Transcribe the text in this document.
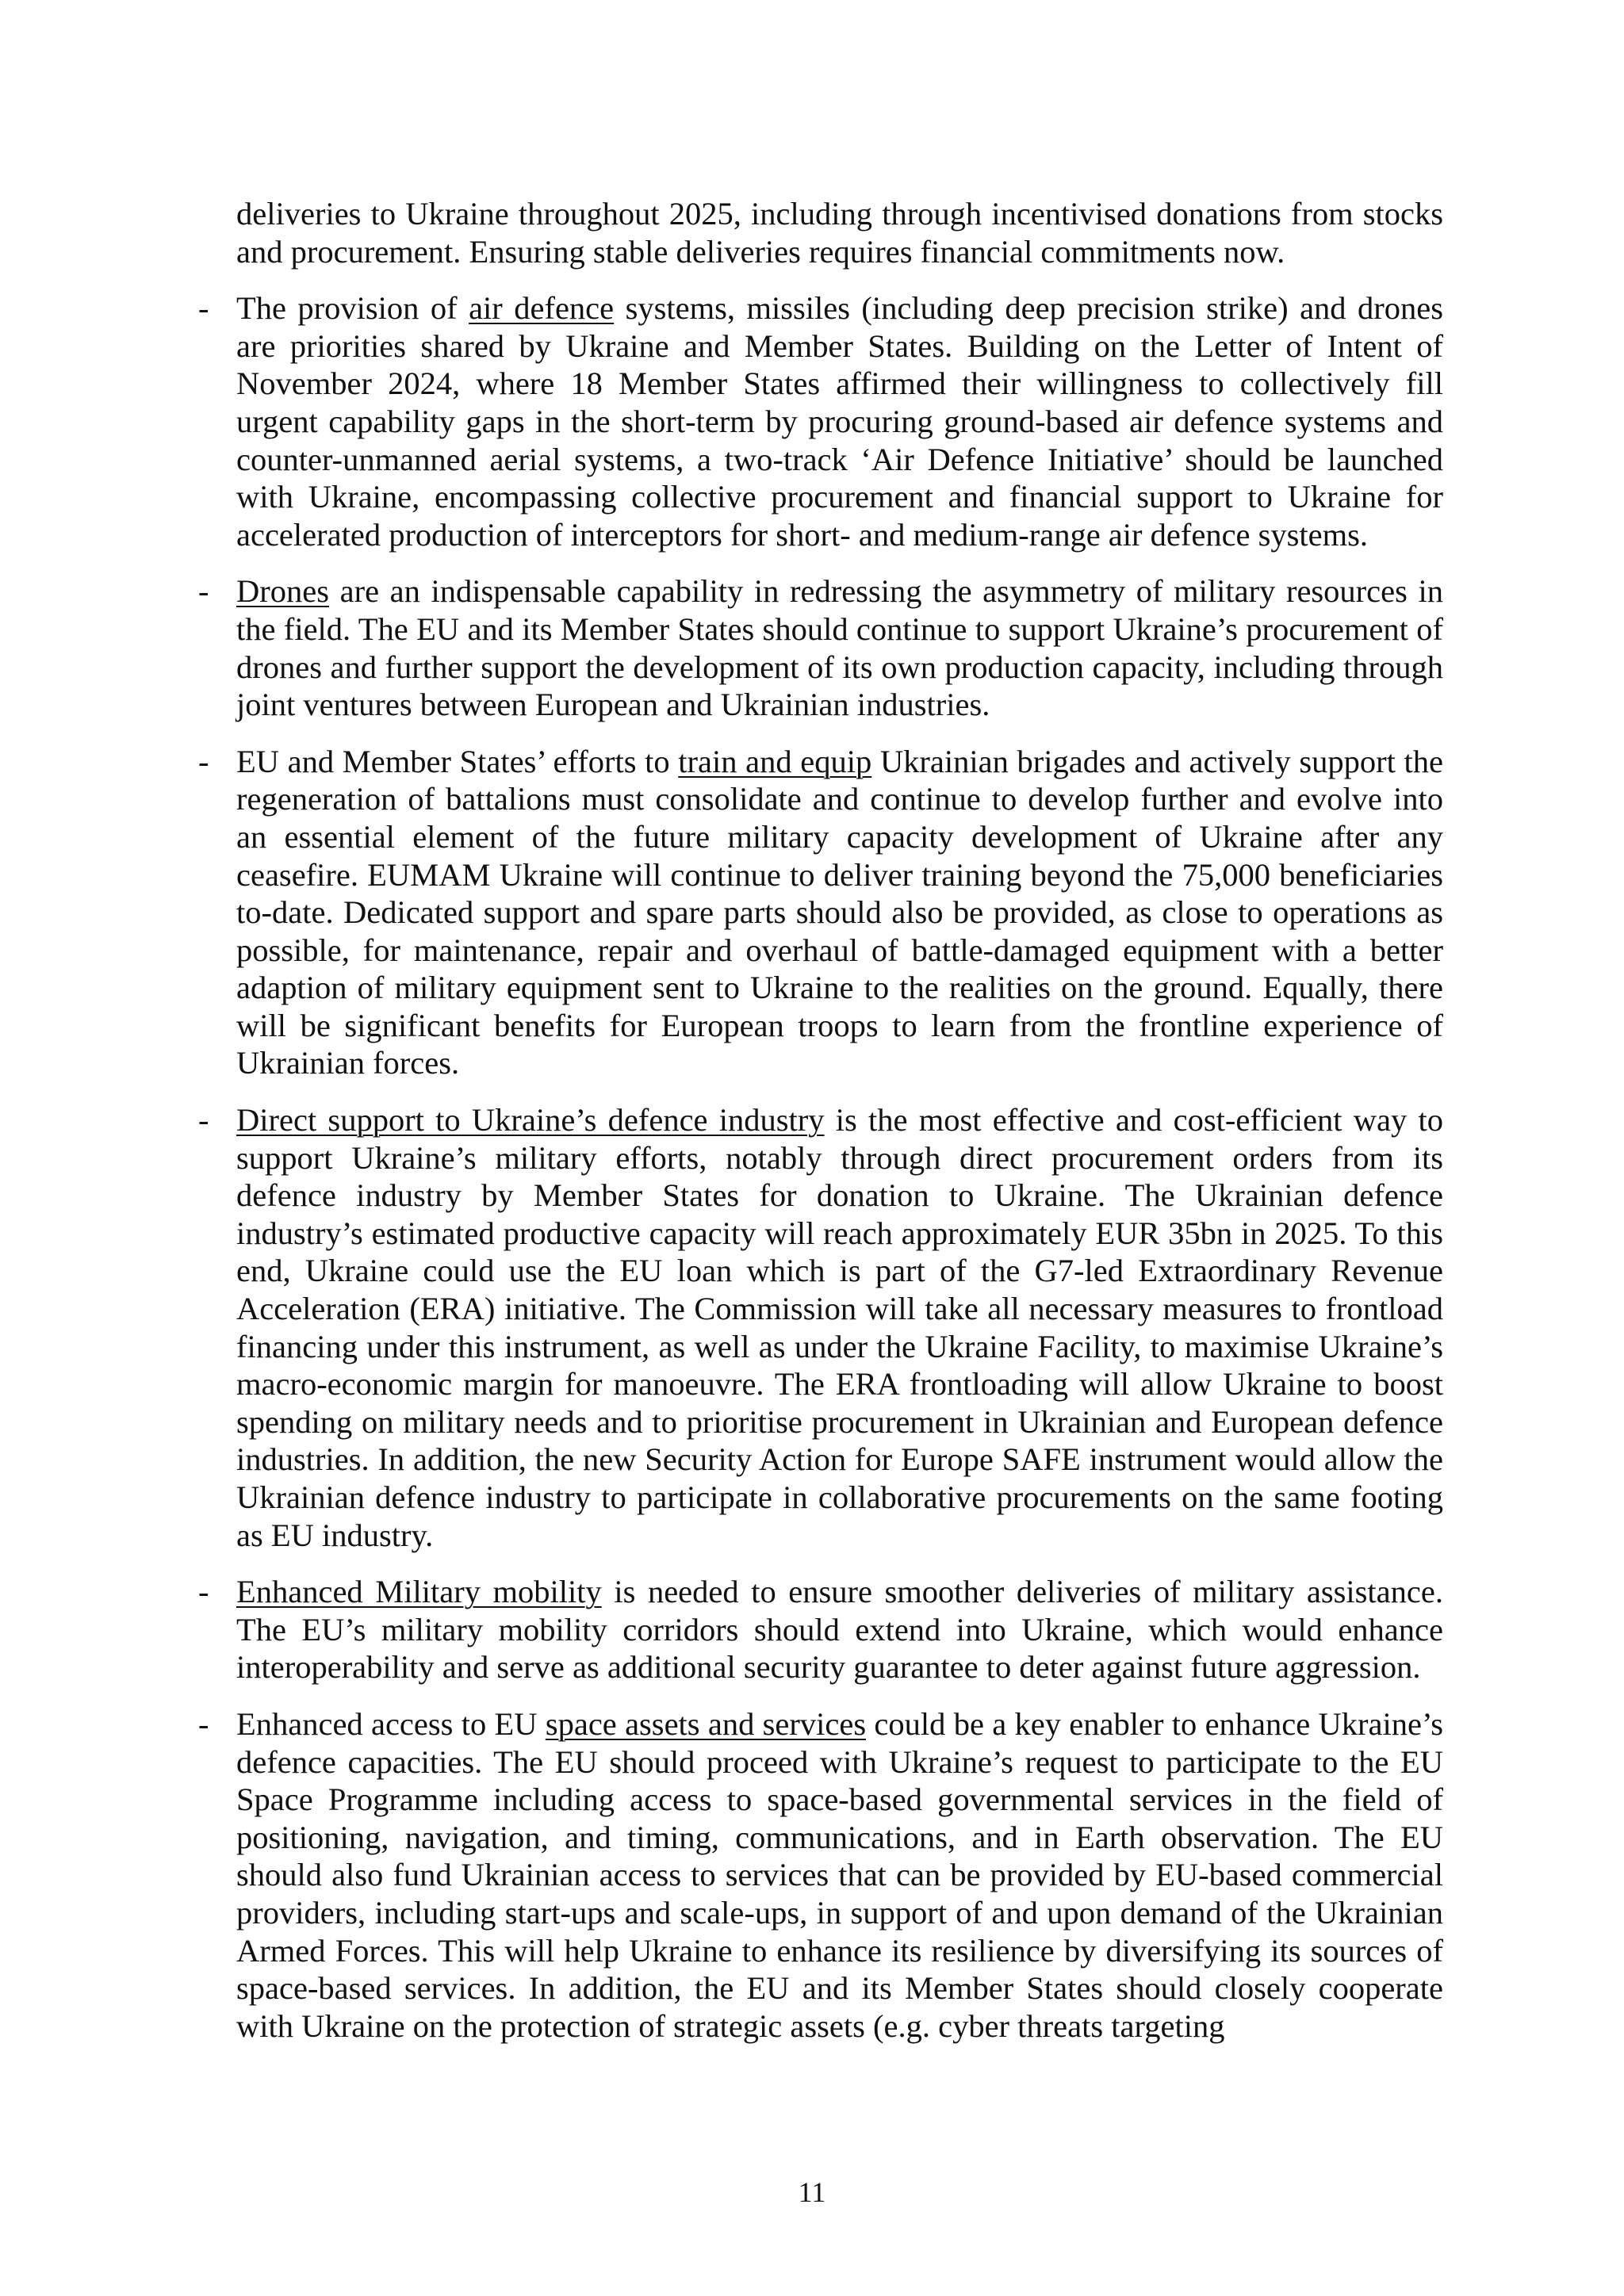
deliveries to Ukraine throughout 2025, including through incentivised donations from stocks and procurement. Ensuring stable deliveries requires financial commitments now.

- The provision of air defence systems, missiles (including deep precision strike) and drones are priorities shared by Ukraine and Member States. Building on the Letter of Intent of November 2024, where 18 Member States affirmed their willingness to collectively fill urgent capability gaps in the short-term by procuring ground-based air defence systems and counter-unmanned aerial systems, a two-track ‘Air Defence Initiative’ should be launched with Ukraine, encompassing collective procurement and financial support to Ukraine for accelerated production of interceptors for short- and medium-range air defence systems.

- Drones are an indispensable capability in redressing the asymmetry of military resources in the field. The EU and its Member States should continue to support Ukraine’s procurement of drones and further support the development of its own production capacity, including through joint ventures between European and Ukrainian industries.

- EU and Member States’ efforts to train and equip Ukrainian brigades and actively support the regeneration of battalions must consolidate and continue to develop further and evolve into an essential element of the future military capacity development of Ukraine after any ceasefire. EUMAM Ukraine will continue to deliver training beyond the 75,000 beneficiaries to-date. Dedicated support and spare parts should also be provided, as close to operations as possible, for maintenance, repair and overhaul of battle-damaged equipment with a better adaption of military equipment sent to Ukraine to the realities on the ground. Equally, there will be significant benefits for European troops to learn from the frontline experience of Ukrainian forces.

- Direct support to Ukraine’s defence industry is the most effective and cost-efficient way to support Ukraine’s military efforts, notably through direct procurement orders from its defence industry by Member States for donation to Ukraine. The Ukrainian defence industry’s estimated productive capacity will reach approximately EUR 35bn in 2025. To this end, Ukraine could use the EU loan which is part of the G7-led Extraordinary Revenue Acceleration (ERA) initiative. The Commission will take all necessary measures to frontload financing under this instrument, as well as under the Ukraine Facility, to maximise Ukraine’s macro-economic margin for manoeuvre. The ERA frontloading will allow Ukraine to boost spending on military needs and to prioritise procurement in Ukrainian and European defence industries. In addition, the new Security Action for Europe SAFE instrument would allow the Ukrainian defence industry to participate in collaborative procurements on the same footing as EU industry.

- Enhanced Military mobility is needed to ensure smoother deliveries of military assistance. The EU’s military mobility corridors should extend into Ukraine, which would enhance interoperability and serve as additional security guarantee to deter against future aggression.

- Enhanced access to EU space assets and services could be a key enabler to enhance Ukraine’s defence capacities. The EU should proceed with Ukraine’s request to participate to the EU Space Programme including access to space-based governmental services in the field of positioning, navigation, and timing, communications, and in Earth observation. The EU should also fund Ukrainian access to services that can be provided by EU-based commercial providers, including start-ups and scale-ups, in support of and upon demand of the Ukrainian Armed Forces. This will help Ukraine to enhance its resilience by diversifying its sources of space-based services. In addition, the EU and its Member States should closely cooperate with Ukraine on the protection of strategic assets (e.g. cyber threats targeting

11
